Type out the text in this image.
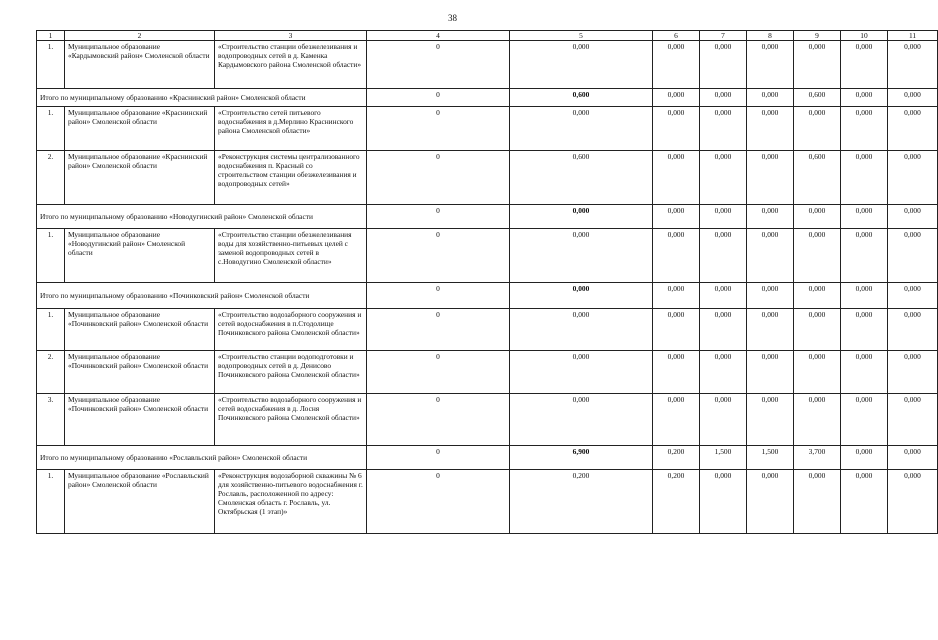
38
1	2	3	4	5	6	7	8	9	10	11
1.	Муниципальное образование «Кардымовский район» Смоленской области	«Строительство станции обезжелезивания и водопроводных сетей в д. Каменка Кардымовского района Смоленской области»	0	0,000	0,000	0,000	0,000	0,000	0,000	0,000
Итого по муниципальному образованию «Краснинский район» Смоленской области			0	0,600	0,000	0,000	0,000	0,600	0,000	0,000
1.	Муниципальное образование «Краснинский район» Смоленской области	«Строительство сетей питьевого водоснабжения в д.Мерлино Краснинского района Смоленской области»	0	0,000	0,000	0,000	0,000	0,000	0,000	0,000
2.	Муниципальное образование «Краснинский район» Смоленской области	«Реконструкция системы централизованного водоснабжения п. Красный со строительством станции обезжелезивания и водопроводных сетей»	0	0,600	0,000	0,000	0,000	0,600	0,000	0,000
Итого по муниципальному образованию «Новодугинский район» Смоленской области			0	0,000	0,000	0,000	0,000	0,000	0,000	0,000
1.	Муниципальное образование «Новодугинский район» Смоленской области	«Строительство станции обезжелезивания воды для хозяйственно-питьевых целей с заменой водопроводных сетей в с.Новодугино Смоленской области»	0	0,000	0,000	0,000	0,000	0,000	0,000	0,000
Итого по муниципальному образованию «Починковский район» Смоленской области			0	0,000	0,000	0,000	0,000	0,000	0,000	0,000
1.	Муниципальное образование «Починковский район» Смоленской области	«Строительство водозаборного сооружения и сетей водоснабжения в п.Стодолище Починковского района Смоленской области»	0	0,000	0,000	0,000	0,000	0,000	0,000	0,000
2.	Муниципальное образование «Починковский район» Смоленской области	«Строительство станции водоподготовки и водопроводных сетей в д. Денисово Починковского района Смоленской области»	0	0,000	0,000	0,000	0,000	0,000	0,000	0,000
3.	Муниципальное образование «Починковский район» Смоленской области	«Строительство водозаборного сооружения и сетей водоснабжения в д. Лосня Починковского района Смоленской области»	0	0,000	0,000	0,000	0,000	0,000	0,000	0,000
Итого по муниципальному образованию «Рославльский район» Смоленской области			0	6,900	0,200	1,500	1,500	3,700	0,000	0,000
1.	Муниципальное образование «Рославльский район» Смоленской области	«Реконструкция водозаборной скважины № 6 для хозяйственно-питьевого водоснабжения г. Рославль, расположенной по адресу: Смоленская область г. Рославль, ул. Октябрьская (1 этап)»	0	0,200	0,200	0,000	0,000	0,000	0,000	0,000
